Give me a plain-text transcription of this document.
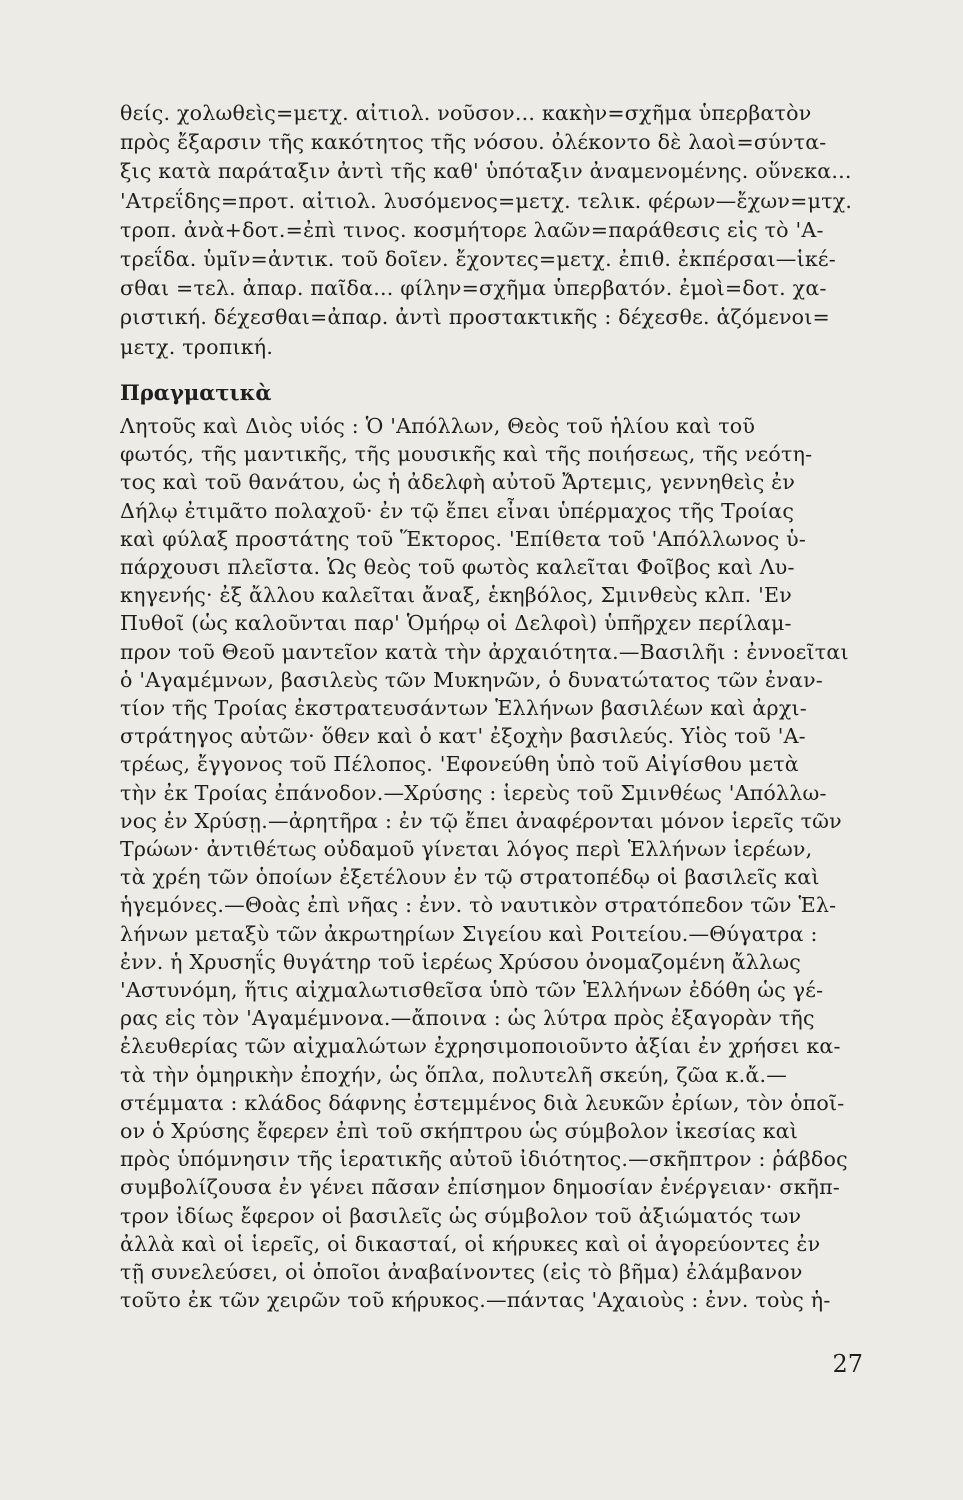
θείς. χολωθεὶς=μετχ. αἰτιολ. νοῦσον... κακὴν=σχῆμα ὑπερβατὸν
πρὸς ἔξαρσιν τῆς κακότητος τῆς νόσου. ὀλέκοντο δὲ λαοὶ=σύντα-
ξις κατὰ παράταξιν ἀντὶ τῆς καθ' ὑπόταξιν ἀναμενομένης. οὕνεκα...
'Ατρεΐδης=προτ. αἰτιολ. λυσόμενος=μετχ. τελικ. φέρων—ἔχων=μτχ.
τροπ. ἀνὰ+δοτ.=ἐπὶ τινος. κοσμήτορε λαῶν=παράθεσις εἰς τὸ 'Α-
τρεΐδα. ὑμῖν=ἀντικ. τοῦ δοῖεν. ἔχοντες=μετχ. ἐπιθ. ἐκπέρσαι—ἱκέ-
σθαι =τελ. ἀπαρ. παῖδα... φίλην=σχῆμα ὑπερβατόν. ἐμοὶ=δοτ. χα-
ριστική. δέχεσθαι=ἀπαρ. ἀντὶ προστακτικῆς : δέχεσθε. ἁζόμενοι=
μετχ. τροπική.
Πραγματικὰ
Λητοῦς καὶ Διὸς υἱός : Ὁ 'Απόλλων, Θεὸς τοῦ ἡλίου καὶ τοῦ
φωτός, τῆς μαντικῆς, τῆς μουσικῆς καὶ τῆς ποιήσεως, τῆς νεότη-
τος καὶ τοῦ θανάτου, ὡς ἡ ἀδελφὴ αὐτοῦ Ἄρτεμις, γεννηθεὶς ἐν
Δήλῳ ἐτιμᾶτο πολαχοῦ· ἐν τῷ ἔπει εἶναι ὑπέρμαχος τῆς Τροίας
καὶ φύλαξ προστάτης τοῦ Ἕκτορος. 'Επίθετα τοῦ 'Απόλλωνος ὑ-
πάρχουσι πλεῖστα. Ὡς θεὸς τοῦ φωτὸς καλεῖται Φοῖβος καὶ Λυ-
κηγενής· ἐξ ἄλλου καλεῖται ἄναξ, ἑκηβόλος, Σμινθεὺς κλπ. 'Εν
Πυθοῖ (ὡς καλοῦνται παρ' Ὁμήρῳ οἱ Δελφοὶ) ὑπῆρχεν περίλαμ-
προν τοῦ Θεοῦ μαντεῖον κατὰ τὴν ἀρχαιότητα.—Βασιλῆι : ἐννοεῖται
ὁ 'Αγαμέμνων, βασιλεὺς τῶν Μυκηνῶν, ὁ δυνατώτατος τῶν ἐναν-
τίον τῆς Τροίας ἐκστρατευσάντων Ἑλλήνων βασιλέων καὶ ἀρχι-
στράτηγος αὐτῶν· ὅθεν καὶ ὁ κατ' ἐξοχὴν βασιλεύς. Υἱὸς τοῦ 'Α-
τρέως, ἔγγονος τοῦ Πέλοπος. 'Εφονεύθη ὑπὸ τοῦ Αἰγίσθου μετὰ
τὴν ἐκ Τροίας ἐπάνοδον.—Χρύσης : ἱερεὺς τοῦ Σμινθέως 'Απόλλω-
νος ἐν Χρύσῃ.—ἀρητῆρα : ἐν τῷ ἔπει ἀναφέρονται μόνον ἱερεῖς τῶν
Τρώων· ἀντιθέτως οὐδαμοῦ γίνεται λόγος περὶ Ἑλλήνων ἱερέων,
τὰ χρέη τῶν ὁποίων ἐξετέλουν ἐν τῷ στρατοπέδῳ οἱ βασιλεῖς καὶ
ἡγεμόνες.—Θοὰς ἐπὶ νῆας : ἐνν. τὸ ναυτικὸν στρατόπεδον τῶν Ἑλ-
λήνων μεταξὺ τῶν ἀκρωτηρίων Σιγείου καὶ Ροιτείου.—Θύγατρα :
ἐνν. ἡ Χρυσηΐς θυγάτηρ τοῦ ἱερέως Χρύσου ὀνομαζομένη ἄλλως
'Αστυνόμη, ἥτις αἰχμαλωτισθεῖσα ὑπὸ τῶν Ἑλλήνων ἐδόθη ὡς γέ-
ρας εἰς τὸν 'Αγαμέμνονα.—ἄποινα : ὡς λύτρα πρὸς ἐξαγορὰν τῆς
ἐλευθερίας τῶν αἰχμαλώτων ἐχρησιμοποιοῦντο ἀξίαι ἐν χρήσει κα-
τὰ τὴν ὁμηρικὴν ἐποχήν, ὡς ὅπλα, πολυτελῆ σκεύη, ζῶα κ.ἄ.—
στέμματα : κλάδος δάφνης ἐστεμμένος διὰ λευκῶν ἐρίων, τὸν ὁποῖ-
ον ὁ Χρύσης ἔφερεν ἐπὶ τοῦ σκήπτρου ὡς σύμβολον ἱκεσίας καὶ
πρὸς ὑπόμνησιν τῆς ἱερατικῆς αὐτοῦ ἰδιότητος.—σκῆπτρον : ῥάβδος
συμβολίζουσα ἐν γένει πᾶσαν ἐπίσημον δημοσίαν ἐνέργειαν· σκῆπ-
τρον ἰδίως ἔφερον οἱ βασιλεῖς ὡς σύμβολον τοῦ ἀξιώματός των
ἀλλὰ καὶ οἱ ἱερεῖς, οἱ δικασταί, οἱ κήρυκες καὶ οἱ ἀγορεύοντες ἐν
τῇ συνελεύσει, οἱ ὁποῖοι ἀναβαίνοντες (εἰς τὸ βῆμα) ἐλάμβανον
τοῦτο ἐκ τῶν χειρῶν τοῦ κήρυκος.—πάντας 'Αχαιοὺς : ἐνν. τοὺς ἡ-
27
